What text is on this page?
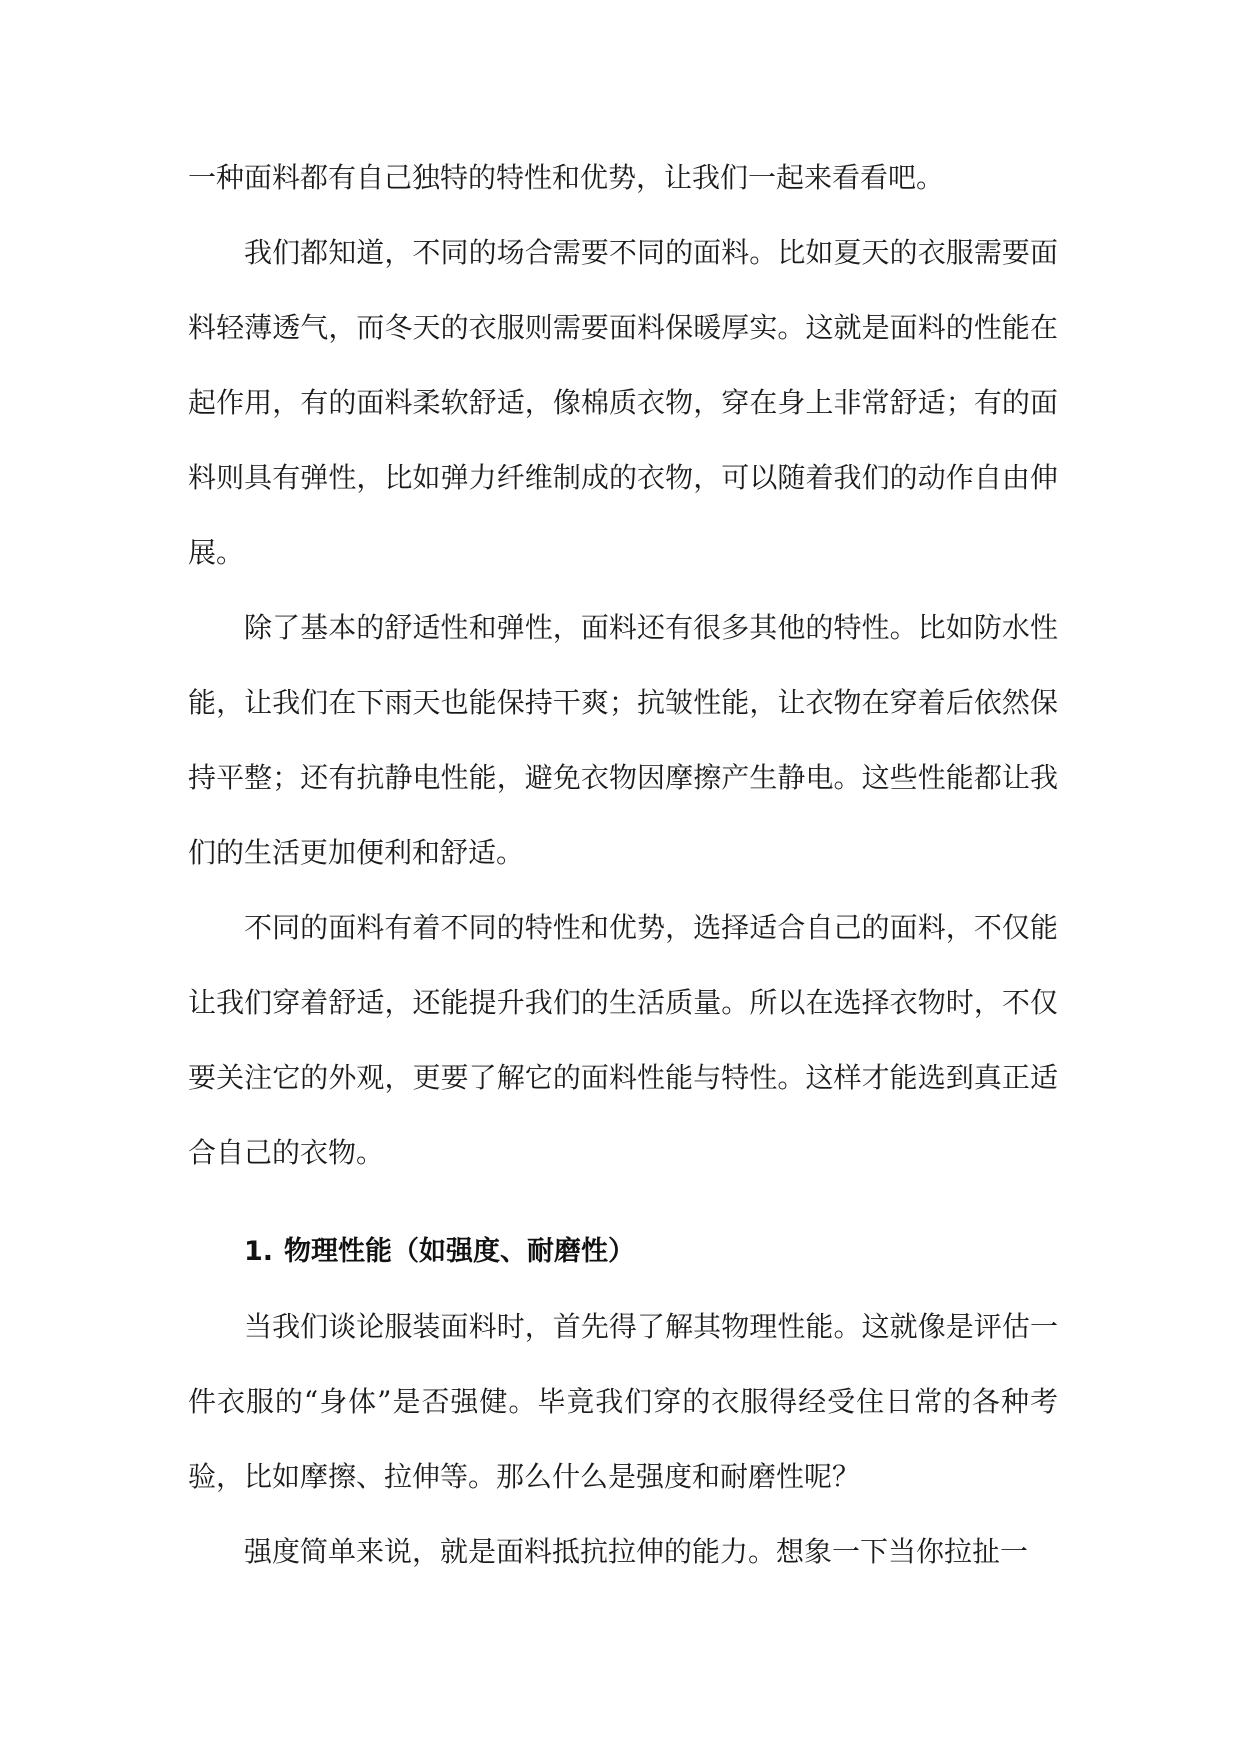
一种面料都有自己独特的特性和优势，让我们一起来看看吧。

我们都知道，不同的场合需要不同的面料。比如夏天的衣服需要面料轻薄透气，而冬天的衣服则需要面料保暖厚实。这就是面料的性能在起作用，有的面料柔软舒适，像棉质衣物，穿在身上非常舒适；有的面料则具有弹性，比如弹力纤维制成的衣物，可以随着我们的动作自由伸展。

除了基本的舒适性和弹性，面料还有很多其他的特性。比如防水性能，让我们在下雨天也能保持干爽；抗皱性能，让衣物在穿着后依然保持平整；还有抗静电性能，避免衣物因摩擦产生静电。这些性能都让我们的生活更加便利和舒适。

不同的面料有着不同的特性和优势，选择适合自己的面料，不仅能让我们穿着舒适，还能提升我们的生活质量。所以在选择衣物时，不仅要关注它的外观，更要了解它的面料性能与特性。这样才能选到真正适合自己的衣物。

1. 物理性能（如强度、耐磨性）

当我们谈论服装面料时，首先得了解其物理性能。这就像是评估一件衣服的“身体”是否强健。毕竟我们穿的衣服得经受住日常的各种考验，比如摩擦、拉伸等。那么什么是强度和耐磨性呢？

强度简单来说，就是面料抵抗拉伸的能力。想象一下当你拉扯一
